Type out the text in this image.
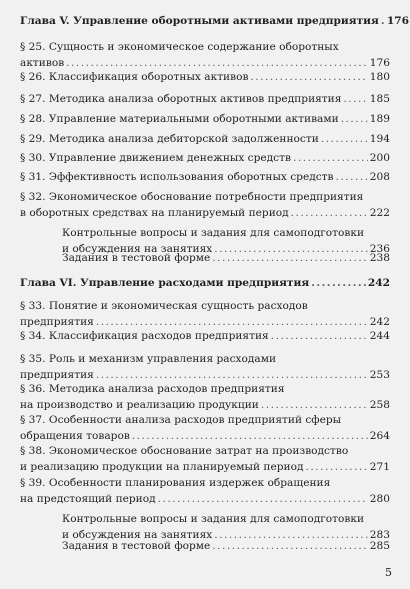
Глава V. Управление оборотными активами предприятия ..... 176
§ 25. Сущность и экономическое содержание оборотных
активов .....	176
§ 26. Классификация оборотных активов .....	180
§ 27. Методика анализа оборотных активов предприятия .....	185
§ 28. Управление материальными оборотными активами .....	189
§ 29. Методика анализа дебиторской задолженности .....	194
§ 30. Управление движением денежных средств .....	200
§ 31. Эффективность использования оборотных средств .....	208
§ 32. Экономическое обоснование потребности предприятия
в оборотных средствах на планируемый период .....	222
Контрольные вопросы и задания для самоподготовки
и обсуждения на занятиях .....	236
Задания в тестовой форме .....	238
Глава VI. Управление расходами предприятия .....	242
§ 33. Понятие и экономическая сущность расходов
предприятия .....	242
§ 34. Классификация расходов предприятия .....	244
§ 35. Роль и механизм управления расходами
предприятия .....	253
§ 36. Методика анализа расходов предприятия
на производство и реализацию продукции .....	258
§ 37. Особенности анализа расходов предприятий сферы
обращения товаров .....	264
§ 38. Экономическое обоснование затрат на производство
и реализацию продукции на планируемый период .....	271
§ 39. Особенности планирования издержек обращения
на предстоящий период .....	280
Контрольные вопросы и задания для самоподготовки
и обсуждения на занятиях .....	283
Задания в тестовой форме .....	285
5
